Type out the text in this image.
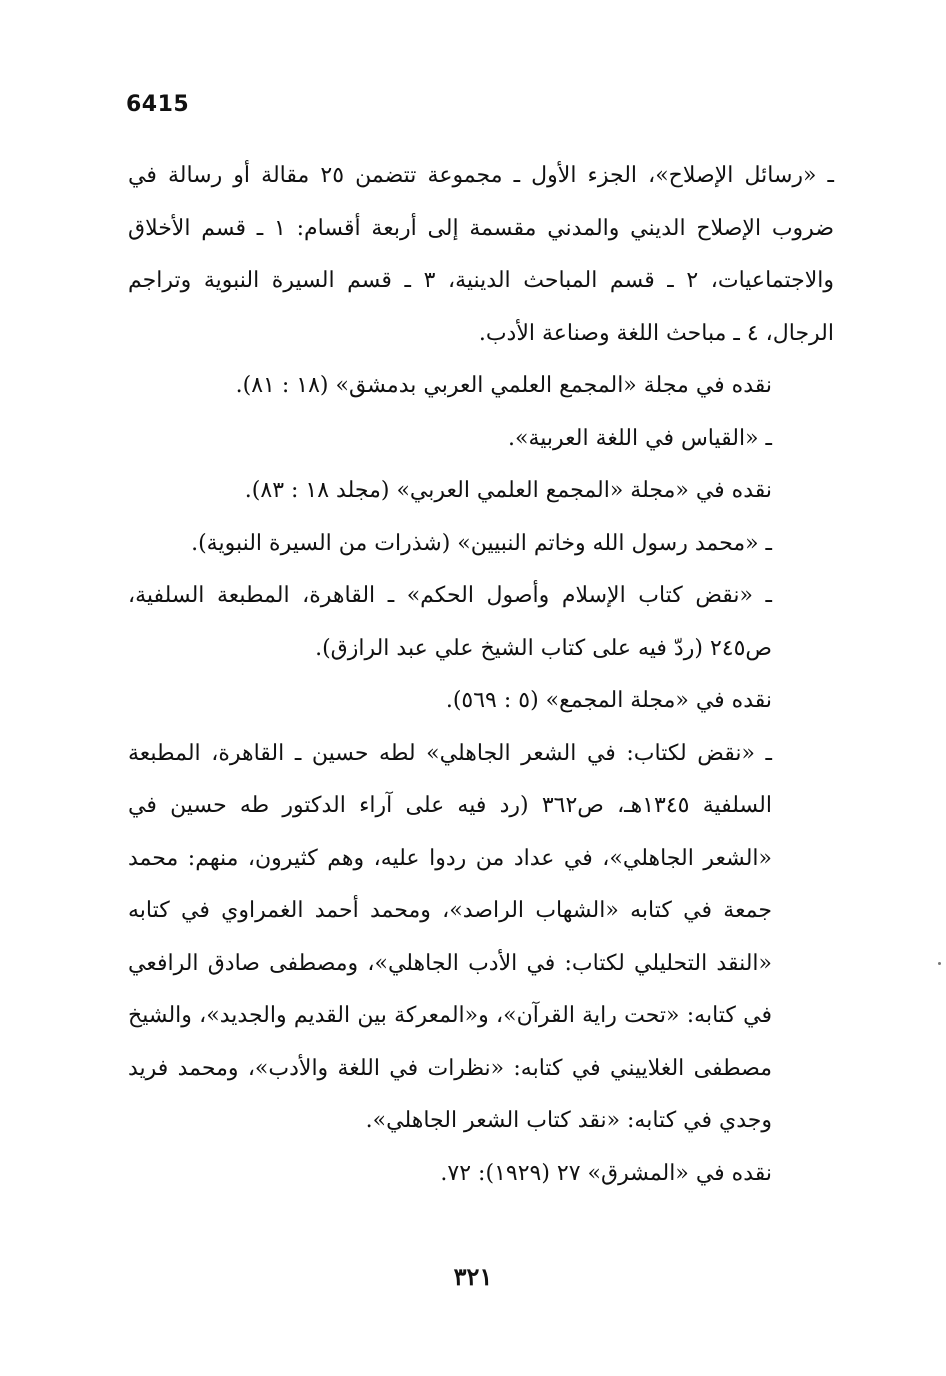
6415

ـ «رسائل الإصلاح»، الجزء الأول ـ مجموعة تتضمن ٢٥ مقالة أو رسالة في ضروب الإصلاح الديني والمدني مقسمة إلى أربعة أقسام: ١ ـ قسم الأخلاق والاجتماعيات، ٢ ـ قسم المباحث الدينية، ٣ ـ قسم السيرة النبوية وتراجم الرجال، ٤ ـ مباحث اللغة وصناعة الأدب.

نقده في مجلة «المجمع العلمي العربي بدمشق» (١٨ : ٨١).

ـ «القياس في اللغة العربية».

نقده في «مجلة «المجمع العلمي العربي» (مجلد ١٨ : ٨٣).

ـ «محمد رسول الله وخاتم النبيين» (شذرات من السيرة النبوية).

ـ «نقض كتاب الإسلام وأصول الحكم» ـ القاهرة، المطبعة السلفية، ص٢٤٥ (ردّ فيه على كتاب الشيخ علي عبد الرازق).

نقده في «مجلة المجمع» (٥ : ٥٦٩).

ـ «نقض لكتاب: في الشعر الجاهلي» لطه حسين ـ القاهرة، المطبعة السلفية ١٣٤٥هـ، ص٣٦٢ (رد فيه على آراء الدكتور طه حسين في «الشعر الجاهلي»، في عداد من ردوا عليه، وهم كثيرون، منهم: محمد جمعة في كتابه «الشهاب الراصد»، ومحمد أحمد الغمراوي في كتابه «النقد التحليلي لكتاب: في الأدب الجاهلي»، ومصطفى صادق الرافعي في كتابه: «تحت راية القرآن»، و«المعركة بين القديم والجديد»، والشيخ مصطفى الغلاييني في كتابه: «نظرات في اللغة والأدب»، ومحمد فريد وجدي في كتابه: «نقد كتاب الشعر الجاهلي».

نقده في «المشرق» ٢٧ (١٩٢٩): ٧٢.

٣٢١
